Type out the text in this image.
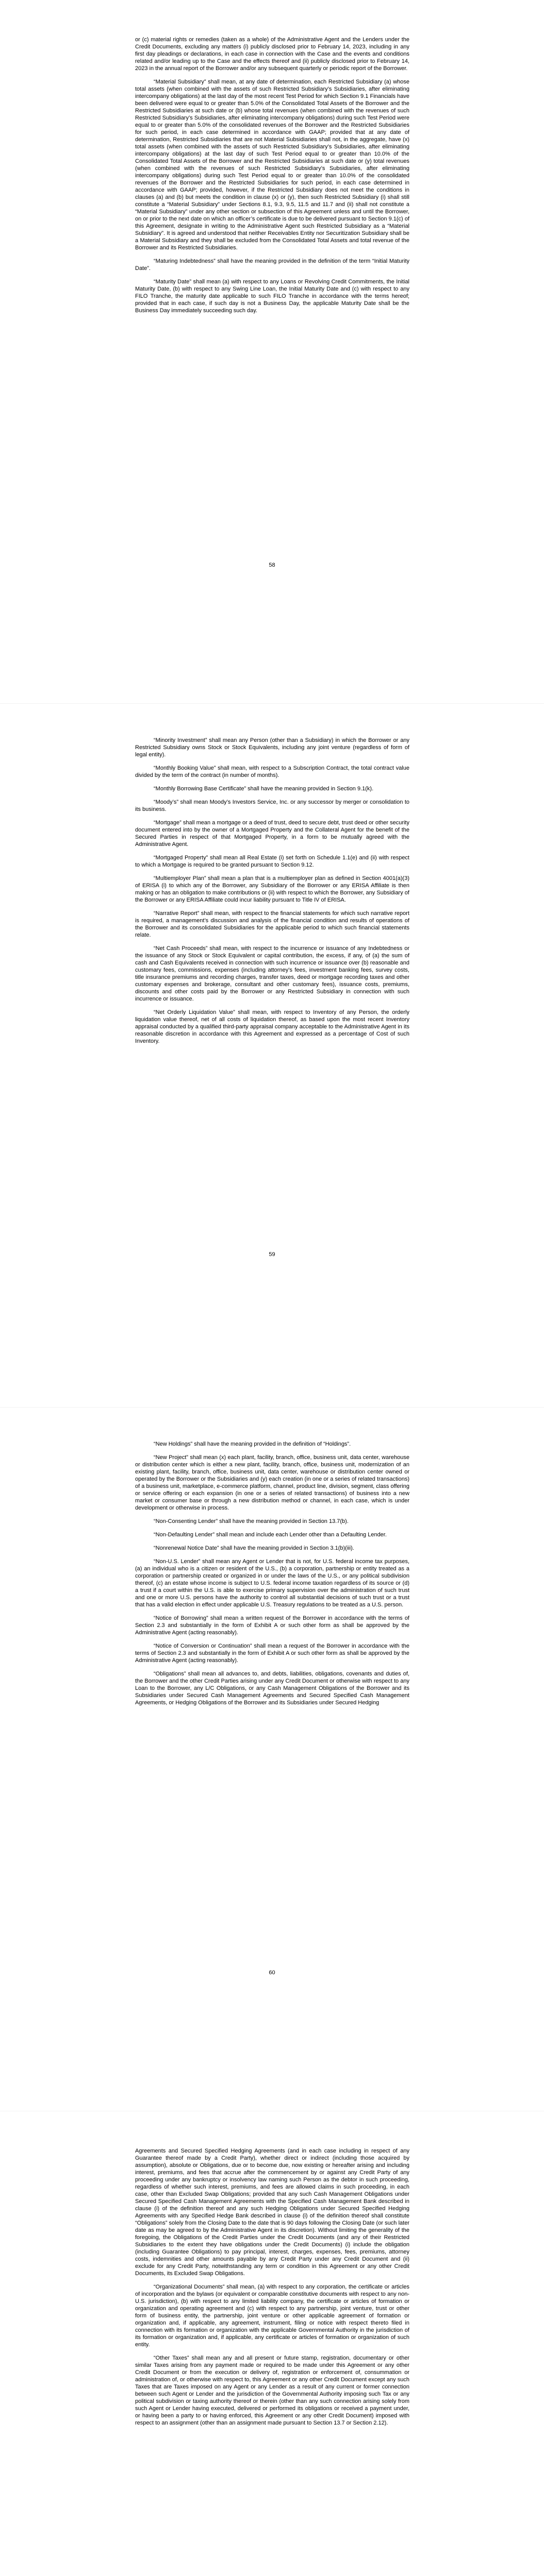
or (c) material rights or remedies (taken as a whole) of the Administrative Agent and the Lenders under the Credit Documents, excluding any matters (i) publicly disclosed prior to February 14, 2023, including in any first day pleadings or declarations, in each case in connection with the Case and the events and conditions related and/or leading up to the Case and the effects thereof and (ii) publicly disclosed prior to February 14, 2023 in the annual report of the Borrower and/or any subsequent quarterly or periodic report of the Borrower.

“Material Subsidiary” shall mean, at any date of determination, each Restricted Subsidiary (a) whose total assets (when combined with the assets of such Restricted Subsidiary’s Subsidiaries, after eliminating intercompany obligations) at the last day of the most recent Test Period for which Section 9.1 Financials have been delivered were equal to or greater than 5.0% of the Consolidated Total Assets of the Borrower and the Restricted Subsidiaries at such date or (b) whose total revenues (when combined with the revenues of such Restricted Subsidiary’s Subsidiaries, after eliminating intercompany obligations) during such Test Period were equal to or greater than 5.0% of the consolidated revenues of the Borrower and the Restricted Subsidiaries for such period, in each case determined in accordance with GAAP; provided that at any date of determination, Restricted Subsidiaries that are not Material Subsidiaries shall not, in the aggregate, have (x) total assets (when combined with the assets of such Restricted Subsidiary’s Subsidiaries, after eliminating intercompany obligations) at the last day of such Test Period equal to or greater than 10.0% of the Consolidated Total Assets of the Borrower and the Restricted Subsidiaries at such date or (y) total revenues (when combined with the revenues of such Restricted Subsidiary’s Subsidiaries, after eliminating intercompany obligations) during such Test Period equal to or greater than 10.0% of the consolidated revenues of the Borrower and the Restricted Subsidiaries for such period, in each case determined in accordance with GAAP; provided, however, if the Restricted Subsidiary does not meet the conditions in clauses (a) and (b) but meets the condition in clause (x) or (y), then such Restricted Subsidiary (i) shall still constitute a “Material Subsidiary” under Sections 8.1, 9.3, 9.5, 11.5 and 11.7 and (ii) shall not constitute a “Material Subsidiary” under any other section or subsection of this Agreement unless and until the Borrower, on or prior to the next date on which an officer’s certificate is due to be delivered pursuant to Section 9.1(c) of this Agreement, designate in writing to the Administrative Agent such Restricted Subsidiary as a “Material Subsidiary”. It is agreed and understood that neither Receivables Entity nor Securitization Subsidiary shall be a Material Subsidiary and they shall be excluded from the Consolidated Total Assets and total revenue of the Borrower and its Restricted Subsidiaries.

“Maturing Indebtedness” shall have the meaning provided in the definition of the term “Initial Maturity Date”.

“Maturity Date” shall mean (a) with respect to any Loans or Revolving Credit Commitments, the Initial Maturity Date, (b) with respect to any Swing Line Loan, the Initial Maturity Date and (c) with respect to any FILO Tranche, the maturity date applicable to such FILO Tranche in accordance with the terms hereof; provided that in each case, if such day is not a Business Day, the applicable Maturity Date shall be the Business Day immediately succeeding such day.

58

“Minority Investment” shall mean any Person (other than a Subsidiary) in which the Borrower or any Restricted Subsidiary owns Stock or Stock Equivalents, including any joint venture (regardless of form of legal entity).

“Monthly Booking Value” shall mean, with respect to a Subscription Contract, the total contract value divided by the term of the contract (in number of months).

“Monthly Borrowing Base Certificate” shall have the meaning provided in Section 9.1(k).

“Moody’s” shall mean Moody’s Investors Service, Inc. or any successor by merger or consolidation to its business.

“Mortgage” shall mean a mortgage or a deed of trust, deed to secure debt, trust deed or other security document entered into by the owner of a Mortgaged Property and the Collateral Agent for the benefit of the Secured Parties in respect of that Mortgaged Property, in a form to be mutually agreed with the Administrative Agent.

“Mortgaged Property” shall mean all Real Estate (i) set forth on Schedule 1.1(e) and (ii) with respect to which a Mortgage is required to be granted pursuant to Section 9.12.

“Multiemployer Plan” shall mean a plan that is a multiemployer plan as defined in Section 4001(a)(3) of ERISA (i) to which any of the Borrower, any Subsidiary of the Borrower or any ERISA Affiliate is then making or has an obligation to make contributions or (ii) with respect to which the Borrower, any Subsidiary of the Borrower or any ERISA Affiliate could incur liability pursuant to Title IV of ERISA.

“Narrative Report” shall mean, with respect to the financial statements for which such narrative report is required, a management’s discussion and analysis of the financial condition and results of operations of the Borrower and its consolidated Subsidiaries for the applicable period to which such financial statements relate.

“Net Cash Proceeds” shall mean, with respect to the incurrence or issuance of any Indebtedness or the issuance of any Stock or Stock Equivalent or capital contribution, the excess, if any, of (a) the sum of cash and Cash Equivalents received in connection with such incurrence or issuance over (b) reasonable and customary fees, commissions, expenses (including attorney’s fees, investment banking fees, survey costs, title insurance premiums and recording charges, transfer taxes, deed or mortgage recording taxes and other customary expenses and brokerage, consultant and other customary fees), issuance costs, premiums, discounts and other costs paid by the Borrower or any Restricted Subsidiary in connection with such incurrence or issuance.

“Net Orderly Liquidation Value” shall mean, with respect to Inventory of any Person, the orderly liquidation value thereof, net of all costs of liquidation thereof, as based upon the most recent Inventory appraisal conducted by a qualified third-party appraisal company acceptable to the Administrative Agent in its reasonable discretion in accordance with this Agreement and expressed as a percentage of Cost of such Inventory.

59

“New Holdings” shall have the meaning provided in the definition of “Holdings”.

“New Project” shall mean (x) each plant, facility, branch, office, business unit, data center, warehouse or distribution center which is either a new plant, facility, branch, office, business unit, modernization of an existing plant, facility, branch, office, business unit, data center, warehouse or distribution center owned or operated by the Borrower or the Subsidiaries and (y) each creation (in one or a series of related transactions) of a business unit, marketplace, e-commerce platform, channel, product line, division, segment, class offering or service offering or each expansion (in one or a series of related transactions) of business into a new market or consumer base or through a new distribution method or channel, in each case, which is under development or otherwise in process.

“Non-Consenting Lender” shall have the meaning provided in Section 13.7(b).

“Non-Defaulting Lender” shall mean and include each Lender other than a Defaulting Lender.

“Nonrenewal Notice Date” shall have the meaning provided in Section 3.1(b)(iii).

“Non-U.S. Lender” shall mean any Agent or Lender that is not, for U.S. federal income tax purposes, (a) an individual who is a citizen or resident of the U.S., (b) a corporation, partnership or entity treated as a corporation or partnership created or organized in or under the laws of the U.S., or any political subdivision thereof, (c) an estate whose income is subject to U.S. federal income taxation regardless of its source or (d) a trust if a court within the U.S. is able to exercise primary supervision over the administration of such trust and one or more U.S. persons have the authority to control all substantial decisions of such trust or a trust that has a valid election in effect under applicable U.S. Treasury regulations to be treated as a U.S. person.

“Notice of Borrowing” shall mean a written request of the Borrower in accordance with the terms of Section 2.3 and substantially in the form of Exhibit A or such other form as shall be approved by the Administrative Agent (acting reasonably).

“Notice of Conversion or Continuation” shall mean a request of the Borrower in accordance with the terms of Section 2.3 and substantially in the form of Exhibit A or such other form as shall be approved by the Administrative Agent (acting reasonably).

“Obligations” shall mean all advances to, and debts, liabilities, obligations, covenants and duties of, the Borrower and the other Credit Parties arising under any Credit Document or otherwise with respect to any Loan to the Borrower, any L/C Obligations, or any Cash Management Obligations of the Borrower and its Subsidiaries under Secured Cash Management Agreements and Secured Specified Cash Management Agreements, or Hedging Obligations of the Borrower and its Subsidiaries under Secured Hedging

60

Agreements and Secured Specified Hedging Agreements (and in each case including in respect of any Guarantee thereof made by a Credit Party), whether direct or indirect (including those acquired by assumption), absolute or Obligations, due or to become due, now existing or hereafter arising and including interest, premiums, and fees that accrue after the commencement by or against any Credit Party of any proceeding under any bankruptcy or insolvency law naming such Person as the debtor in such proceeding, regardless of whether such interest, premiums, and fees are allowed claims in such proceeding, in each case, other than Excluded Swap Obligations; provided that any such Cash Management Obligations under Secured Specified Cash Management Agreements with the Specified Cash Management Bank described in clause (i) of the definition thereof and any such Hedging Obligations under Secured Specified Hedging Agreements with any Specified Hedge Bank described in clause (i) of the definition thereof shall constitute “Obligations” solely from the Closing Date to the date that is 90 days following the Closing Date (or such later date as may be agreed to by the Administrative Agent in its discretion). Without limiting the generality of the foregoing, the Obligations of the Credit Parties under the Credit Documents (and any of their Restricted Subsidiaries to the extent they have obligations under the Credit Documents) (i) include the obligation (including Guarantee Obligations) to pay principal, interest, charges, expenses, fees, premiums, attorney costs, indemnities and other amounts payable by any Credit Party under any Credit Document and (ii) exclude for any Credit Party, notwithstanding any term or condition in this Agreement or any other Credit Documents, its Excluded Swap Obligations.

“Organizational Documents” shall mean, (a) with respect to any corporation, the certificate or articles of incorporation and the bylaws (or equivalent or comparable constitutive documents with respect to any non-U.S. jurisdiction), (b) with respect to any limited liability company, the certificate or articles of formation or organization and operating agreement and (c) with respect to any partnership, joint venture, trust or other form of business entity, the partnership, joint venture or other applicable agreement of formation or organization and, if applicable, any agreement, instrument, filing or notice with respect thereto filed in connection with its formation or organization with the applicable Governmental Authority in the jurisdiction of its formation or organization and, if applicable, any certificate or articles of formation or organization of such entity.

“Other Taxes” shall mean any and all present or future stamp, registration, documentary or other similar Taxes arising from any payment made or required to be made under this Agreement or any other Credit Document or from the execution or delivery of, registration or enforcement of, consummation or administration of, or otherwise with respect to, this Agreement or any other Credit Document except any such Taxes that are Taxes imposed on any Agent or any Lender as a result of any current or former connection between such Agent or Lender and the jurisdiction of the Governmental Authority imposing such Tax or any political subdivision or taxing authority thereof or therein (other than any such connection arising solely from such Agent or Lender having executed, delivered or performed its obligations or received a payment under, or having been a party to or having enforced, this Agreement or any other Credit Document) imposed with respect to an assignment (other than an assignment made pursuant to Section 13.7 or Section 2.12).
